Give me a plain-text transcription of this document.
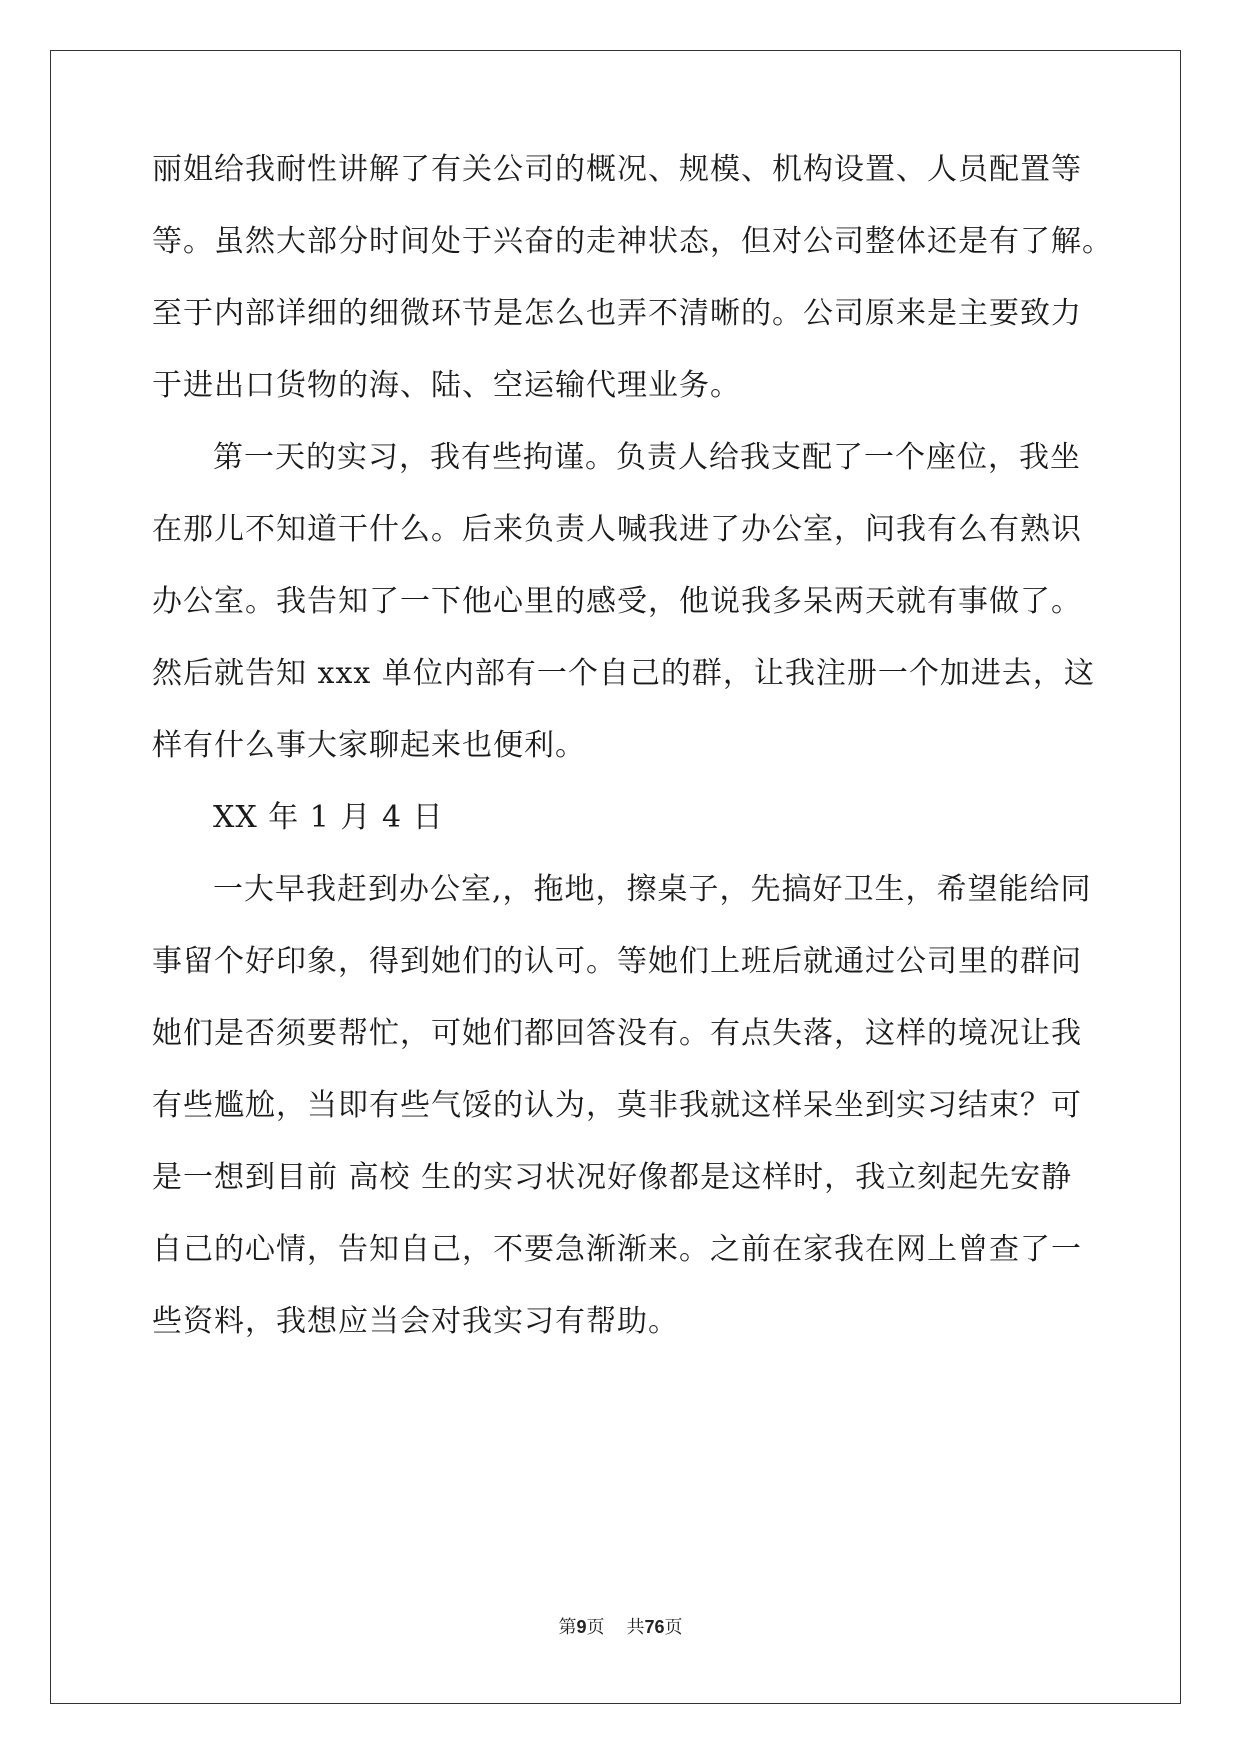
丽姐给我耐性讲解了有关公司的概况、规模、机构设置、人员配置等
等。虽然大部分时间处于兴奋的走神状态，但对公司整体还是有了解。
至于内部详细的细微环节是怎么也弄不清晰的。公司原来是主要致力
于进出口货物的海、陆、空运输代理业务。
第一天的实习，我有些拘谨。负责人给我支配了一个座位，我坐
在那儿不知道干什么。后来负责人喊我进了办公室，问我有么有熟识
办公室。我告知了一下他心里的感受，他说我多呆两天就有事做了。
然后就告知 xxx 单位内部有一个自己的群，让我注册一个加进去，这
样有什么事大家聊起来也便利。
XX 年 1 月 4 日
一大早我赶到办公室,，拖地，擦桌子，先搞好卫生，希望能给同
事留个好印象，得到她们的认可。等她们上班后就通过公司里的群问
她们是否须要帮忙，可她们都回答没有。有点失落，这样的境况让我
有些尴尬，当即有些气馁的认为，莫非我就这样呆坐到实习结束？可
是一想到目前 高校 生的实习状况好像都是这样时，我立刻起先安静
自己的心情，告知自己，不要急渐渐来。之前在家我在网上曾查了一
些资料，我想应当会对我实习有帮助。
第9页 共76页
